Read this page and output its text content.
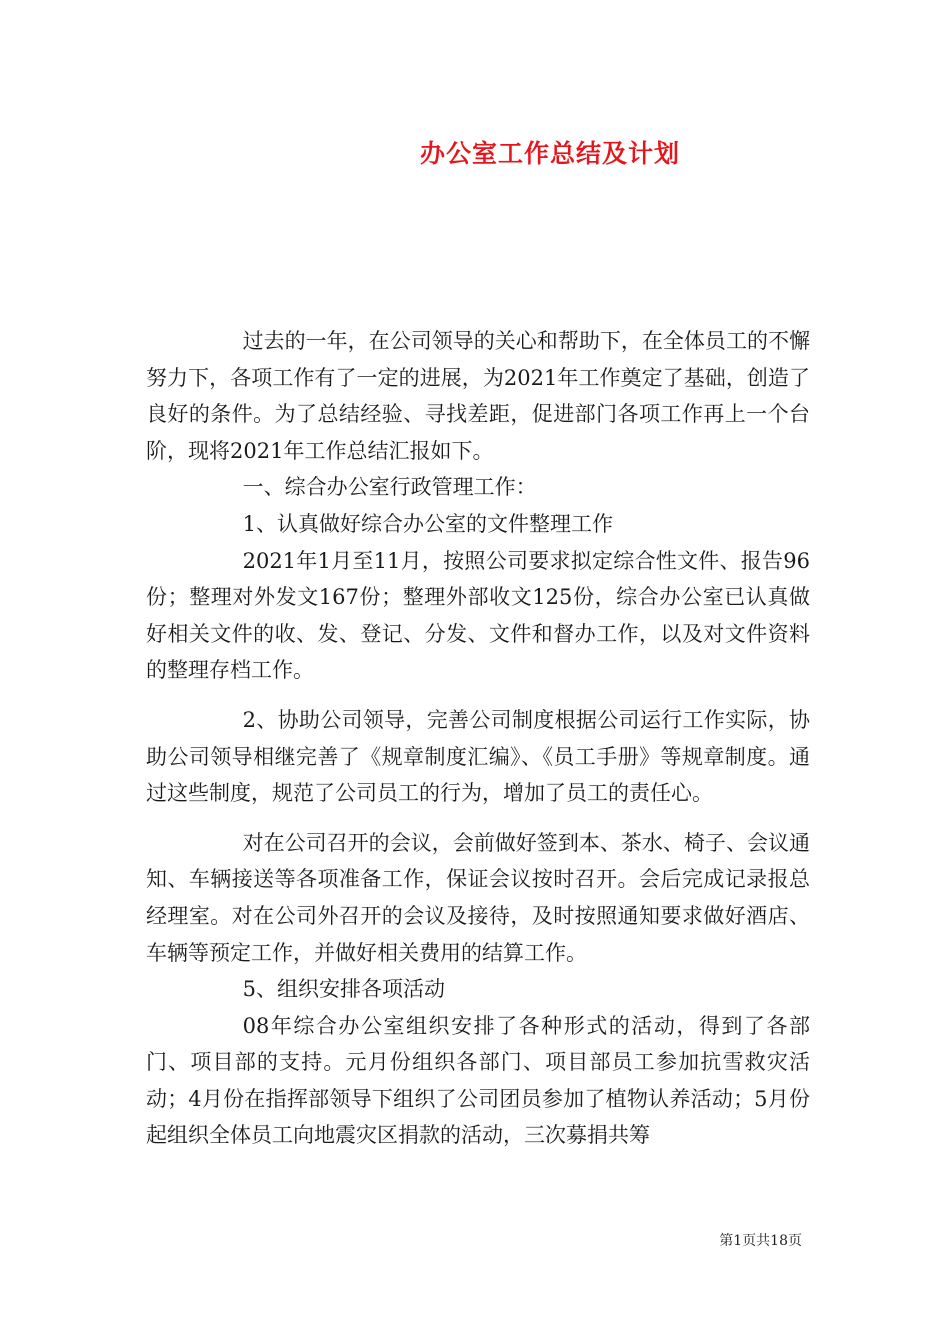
办公室工作总结及计划

过去的一年，在公司领导的关心和帮助下，在全体员工的不懈努力下，各项工作有了一定的进展，为2021年工作奠定了基础，创造了良好的条件。为了总结经验、寻找差距，促进部门各项工作再上一个台阶，现将2021年工作总结汇报如下。

一、综合办公室行政管理工作：

1、认真做好综合办公室的文件整理工作

2021年1月至11月，按照公司要求拟定综合性文件、报告96份；整理对外发文167份；整理外部收文125份，综合办公室已认真做好相关文件的收、发、登记、分发、文件和督办工作，以及对文件资料的整理存档工作。

2、协助公司领导，完善公司制度根据公司运行工作实际，协助公司领导相继完善了《规章制度汇编》、《员工手册》等规章制度。通过这些制度，规范了公司员工的行为，增加了员工的责任心。

对在公司召开的会议，会前做好签到本、茶水、椅子、会议通知、车辆接送等各项准备工作，保证会议按时召开。会后完成记录报总经理室。对在公司外召开的会议及接待，及时按照通知要求做好酒店、车辆等预定工作，并做好相关费用的结算工作。

5、组织安排各项活动

08年综合办公室组织安排了各种形式的活动，得到了各部门、项目部的支持。元月份组织各部门、项目部员工参加抗雪救灾活动；4月份在指挥部领导下组织了公司团员参加了植物认养活动；5月份起组织全体员工向地震灾区捐款的活动，三次募捐共筹

第1页共18页
